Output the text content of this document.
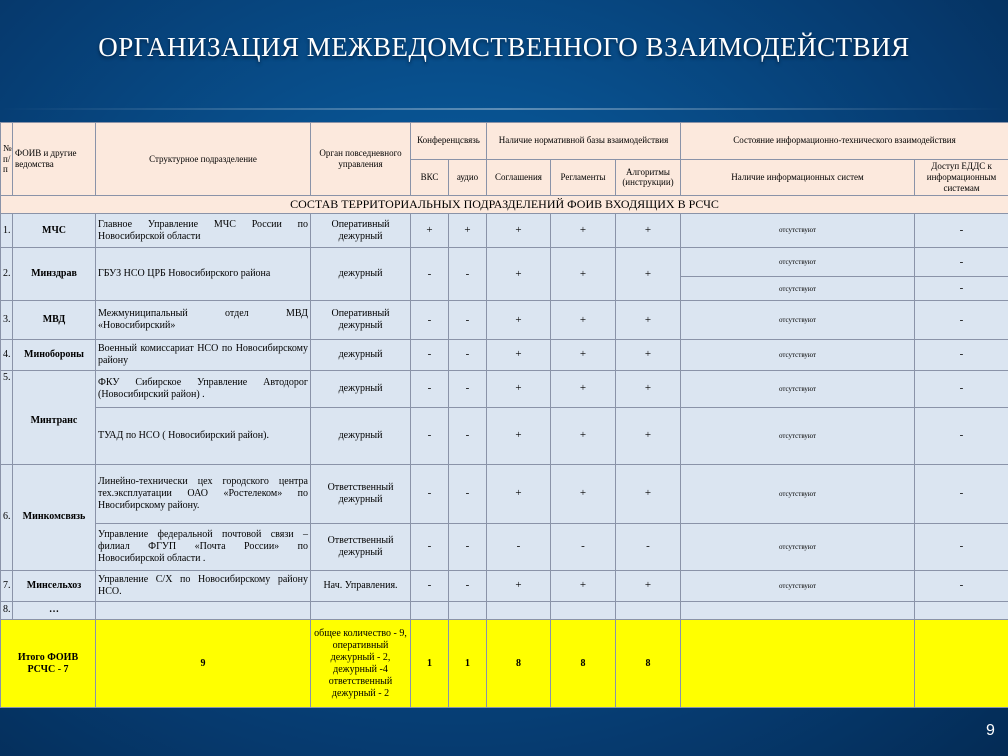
ОРГАНИЗАЦИЯ МЕЖВЕДОМСТВЕННОГО ВЗАИМОДЕЙСТВИЯ
№ п/п	ФОИВ и другие ведомства	Структурное подразделение	Орган повседневного управления	Конференцсвязь		Наличие нормативной базы взаимодействия			Состояние информационно-технического взаимодействия	
				ВКС	аудио	Соглашения	Регламенты	Алгоритмы (инструкции)	Наличие информационных систем	Доступ ЕДДС к информационным системам
СОСТАВ ТЕРРИТОРИАЛЬНЫХ ПОДРАЗДЕЛЕНИЙ ФОИВ ВХОДЯЩИХ В РСЧС										
1.	МЧС	Главное Управление МЧС России по Новосибирской области	Оперативный дежурный	+	+	+	+	+	отсутствуют	-
2.	Минздрав	ГБУЗ НСО ЦРБ Новосибирского района	дежурный	-	-	+	+	+	отсутствуют	-
									отсутствуют	-
3.	МВД	Межмуниципальный отдел МВД «Новосибирский»	Оперативный дежурный	-	-	+	+	+	отсутствуют	-
4.	Минобороны	Военный комиссариат НСО по Новосибирскому району	дежурный	-	-	+	+	+	отсутствуют	-
5.	Минтранс	ФКУ Сибирское Управление Автодорог (Новосибирский район) .	дежурный	-	-	+	+	+	отсутствуют	-
		ТУАД по НСО ( Новосибирский район).	дежурный	-	-	+	+	+	отсутствуют	-
6.	Минкомсвязь	Линейно-технически цех городского центра тех.эксплуатации ОАО «Ростелеком» по Нвосибирскому району.	Ответственный дежурный	-	-	+	+	+	отсутствуют	-
		Управление федеральной почтовой связи – филиал ФГУП «Почта России» по Новосибирской области .	Ответственный дежурный	-	-	-	-	-	отсутствуют	-
7.	Минсельхоз	Управление С/Х по Новосибирскому району НСО.	Нач. Управления.	-	-	+	+	+	отсутствуют	-
8.	…									
Итого ФОИВ РСЧС - 7		9	общее количество - 9, оперативный дежурный - 2, дежурный -4 ответственный дежурный - 2	1	1	8	8	8		
9
